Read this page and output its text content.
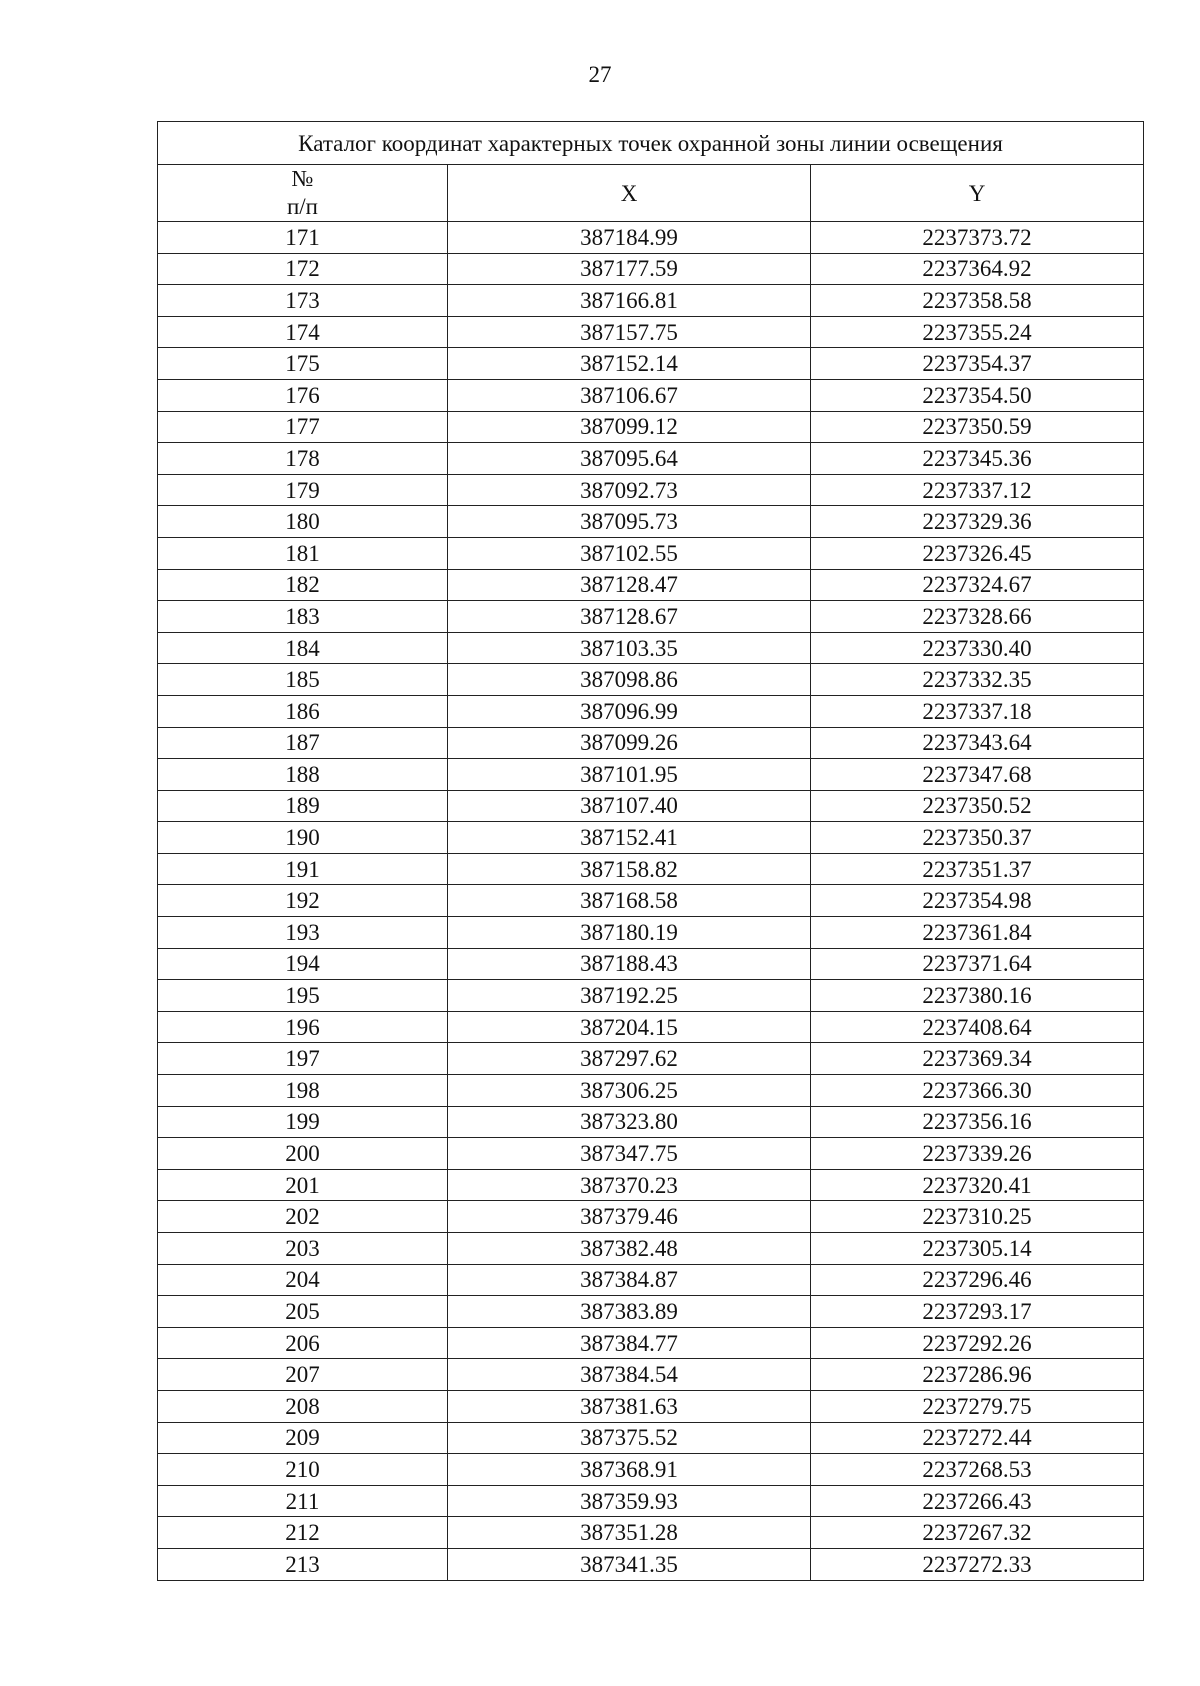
27
Каталог координат характерных точек охранной зоны линии освещения		
№
п/п	X	Y
171	387184.99	2237373.72
172	387177.59	2237364.92
173	387166.81	2237358.58
174	387157.75	2237355.24
175	387152.14	2237354.37
176	387106.67	2237354.50
177	387099.12	2237350.59
178	387095.64	2237345.36
179	387092.73	2237337.12
180	387095.73	2237329.36
181	387102.55	2237326.45
182	387128.47	2237324.67
183	387128.67	2237328.66
184	387103.35	2237330.40
185	387098.86	2237332.35
186	387096.99	2237337.18
187	387099.26	2237343.64
188	387101.95	2237347.68
189	387107.40	2237350.52
190	387152.41	2237350.37
191	387158.82	2237351.37
192	387168.58	2237354.98
193	387180.19	2237361.84
194	387188.43	2237371.64
195	387192.25	2237380.16
196	387204.15	2237408.64
197	387297.62	2237369.34
198	387306.25	2237366.30
199	387323.80	2237356.16
200	387347.75	2237339.26
201	387370.23	2237320.41
202	387379.46	2237310.25
203	387382.48	2237305.14
204	387384.87	2237296.46
205	387383.89	2237293.17
206	387384.77	2237292.26
207	387384.54	2237286.96
208	387381.63	2237279.75
209	387375.52	2237272.44
210	387368.91	2237268.53
211	387359.93	2237266.43
212	387351.28	2237267.32
213	387341.35	2237272.33
